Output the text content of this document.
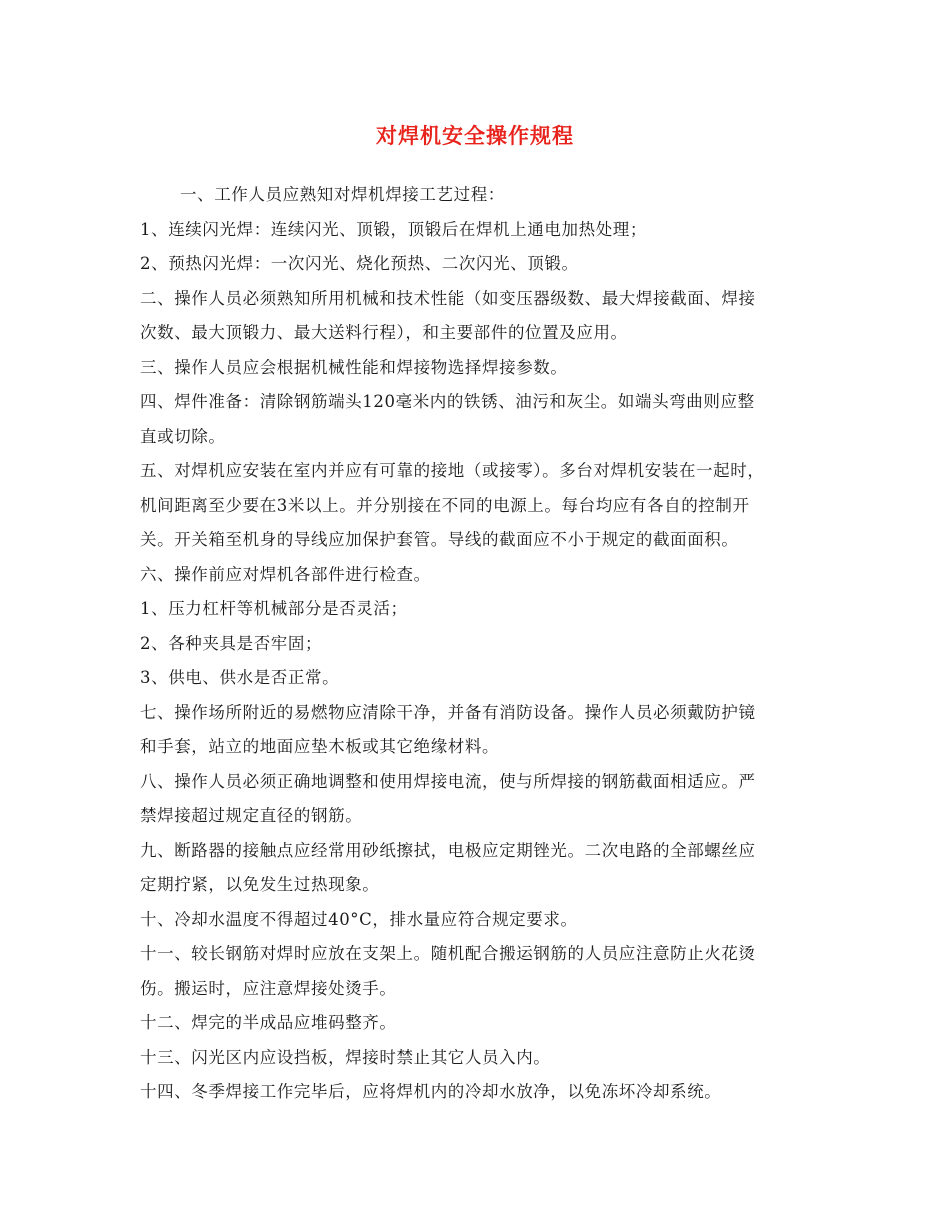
对焊机安全操作规程
一、工作人员应熟知对焊机焊接工艺过程：
1、连续闪光焊：连续闪光、顶锻，顶锻后在焊机上通电加热处理；
2、预热闪光焊：一次闪光、烧化预热、二次闪光、顶锻。
二、操作人员必须熟知所用机械和技术性能（如变压器级数、最大焊接截面、焊接
次数、最大顶锻力、最大送料行程），和主要部件的位置及应用。
三、操作人员应会根据机械性能和焊接物选择焊接参数。
四、焊件准备：清除钢筋端头120毫米内的铁锈、油污和灰尘。如端头弯曲则应整
直或切除。
五、对焊机应安装在室内并应有可靠的接地（或接零）。多台对焊机安装在一起时，
机间距离至少要在3米以上。并分别接在不同的电源上。每台均应有各自的控制开
关。开关箱至机身的导线应加保护套管。导线的截面应不小于规定的截面面积。
六、操作前应对焊机各部件进行检查。
1、压力杠杆等机械部分是否灵活；
2、各种夹具是否牢固；
3、供电、供水是否正常。
七、操作场所附近的易燃物应清除干净，并备有消防设备。操作人员必须戴防护镜
和手套，站立的地面应垫木板或其它绝缘材料。
八、操作人员必须正确地调整和使用焊接电流，使与所焊接的钢筋截面相适应。严
禁焊接超过规定直径的钢筋。
九、断路器的接触点应经常用砂纸擦拭，电极应定期锉光。二次电路的全部螺丝应
定期拧紧，以免发生过热现象。
十、冷却水温度不得超过40°C，排水量应符合规定要求。
十一、较长钢筋对焊时应放在支架上。随机配合搬运钢筋的人员应注意防止火花烫
伤。搬运时，应注意焊接处烫手。
十二、焊完的半成品应堆码整齐。
十三、闪光区内应设挡板，焊接时禁止其它人员入内。
十四、冬季焊接工作完毕后，应将焊机内的冷却水放净，以免冻坏冷却系统。
